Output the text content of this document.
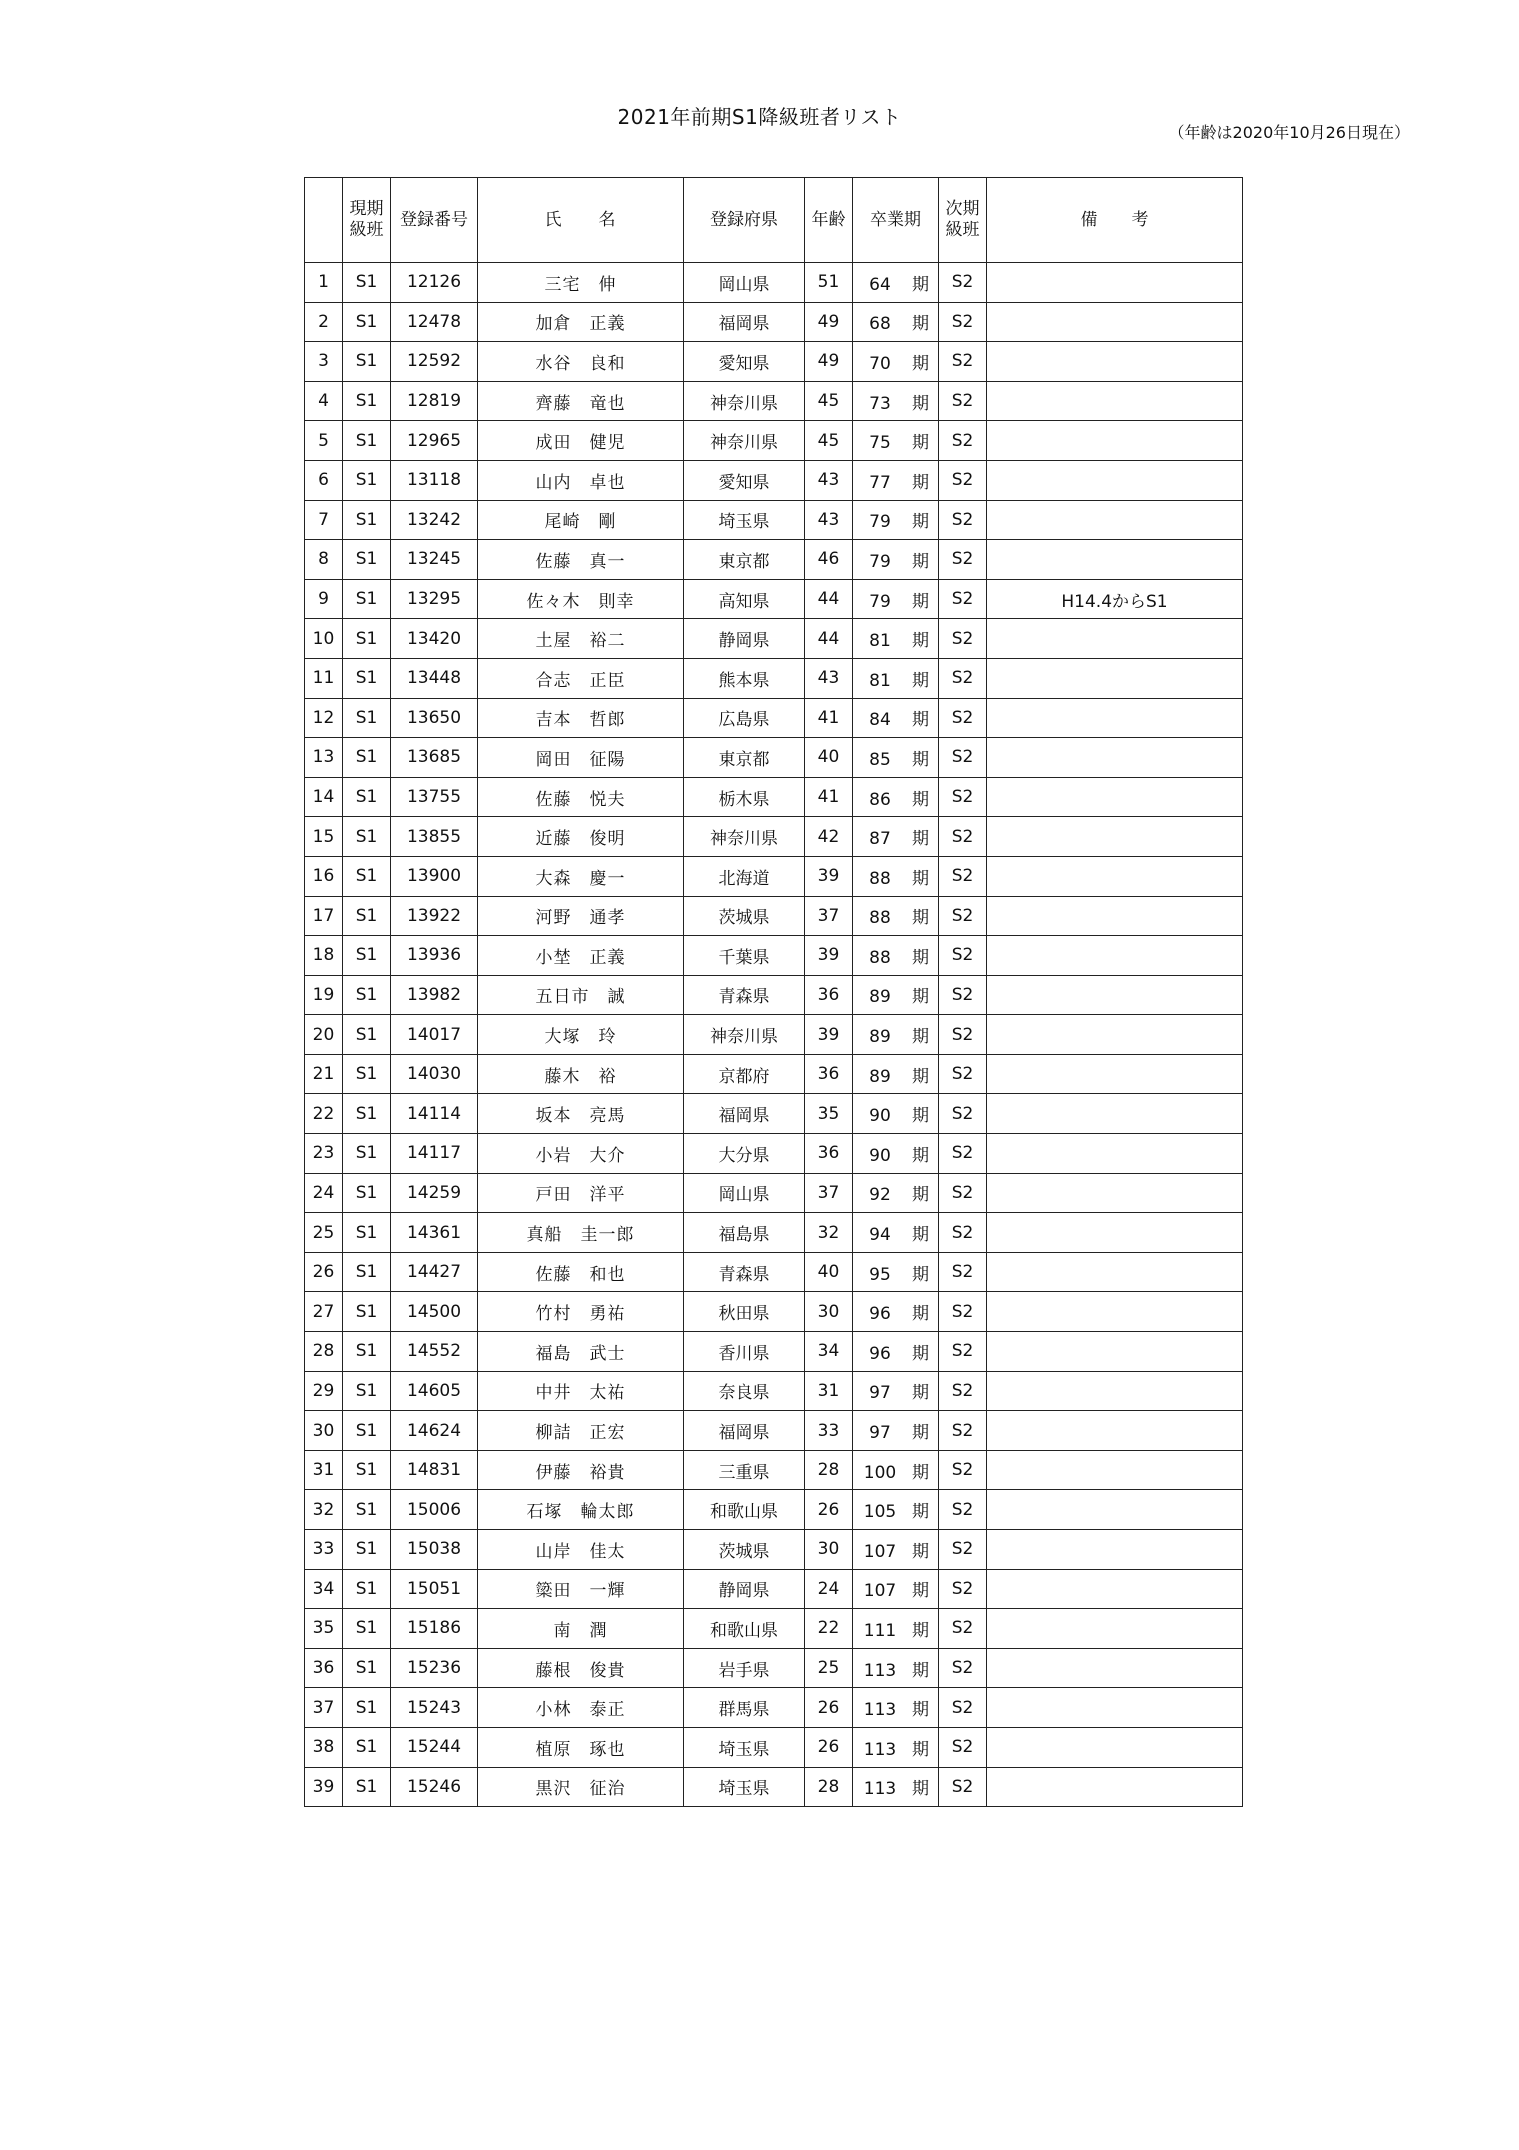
2021年前期S1降級班者リスト
（年齢は2020年10月26日現在）
	現期級班	登録番号	氏　　名	登録府県	年齢	卒業期	次期級班	備　　考
1	S1	12126	三宅　伸	岡山県	51	64 期	S2	
2	S1	12478	加倉　正義	福岡県	49	68 期	S2	
3	S1	12592	水谷　良和	愛知県	49	70 期	S2	
4	S1	12819	齊藤　竜也	神奈川県	45	73 期	S2	
5	S1	12965	成田　健児	神奈川県	45	75 期	S2	
6	S1	13118	山内　卓也	愛知県	43	77 期	S2	
7	S1	13242	尾崎　剛	埼玉県	43	79 期	S2	
8	S1	13245	佐藤　真一	東京都	46	79 期	S2	
9	S1	13295	佐々木　則幸	高知県	44	79 期	S2	H14.4からS1
10	S1	13420	土屋　裕二	静岡県	44	81 期	S2	
11	S1	13448	合志　正臣	熊本県	43	81 期	S2	
12	S1	13650	吉本　哲郎	広島県	41	84 期	S2	
13	S1	13685	岡田　征陽	東京都	40	85 期	S2	
14	S1	13755	佐藤　悦夫	栃木県	41	86 期	S2	
15	S1	13855	近藤　俊明	神奈川県	42	87 期	S2	
16	S1	13900	大森　慶一	北海道	39	88 期	S2	
17	S1	13922	河野　通孝	茨城県	37	88 期	S2	
18	S1	13936	小埜　正義	千葉県	39	88 期	S2	
19	S1	13982	五日市　誠	青森県	36	89 期	S2	
20	S1	14017	大塚　玲	神奈川県	39	89 期	S2	
21	S1	14030	藤木　裕	京都府	36	89 期	S2	
22	S1	14114	坂本　亮馬	福岡県	35	90 期	S2	
23	S1	14117	小岩　大介	大分県	36	90 期	S2	
24	S1	14259	戸田　洋平	岡山県	37	92 期	S2	
25	S1	14361	真船　圭一郎	福島県	32	94 期	S2	
26	S1	14427	佐藤　和也	青森県	40	95 期	S2	
27	S1	14500	竹村　勇祐	秋田県	30	96 期	S2	
28	S1	14552	福島　武士	香川県	34	96 期	S2	
29	S1	14605	中井　太祐	奈良県	31	97 期	S2	
30	S1	14624	柳詰　正宏	福岡県	33	97 期	S2	
31	S1	14831	伊藤　裕貴	三重県	28	100 期	S2	
32	S1	15006	石塚　輪太郎	和歌山県	26	105 期	S2	
33	S1	15038	山岸　佳太	茨城県	30	107 期	S2	
34	S1	15051	簗田　一輝	静岡県	24	107 期	S2	
35	S1	15186	南　潤	和歌山県	22	111 期	S2	
36	S1	15236	藤根　俊貴	岩手県	25	113 期	S2	
37	S1	15243	小林　泰正	群馬県	26	113 期	S2	
38	S1	15244	植原　琢也	埼玉県	26	113 期	S2	
39	S1	15246	黒沢　征治	埼玉県	28	113 期	S2	
